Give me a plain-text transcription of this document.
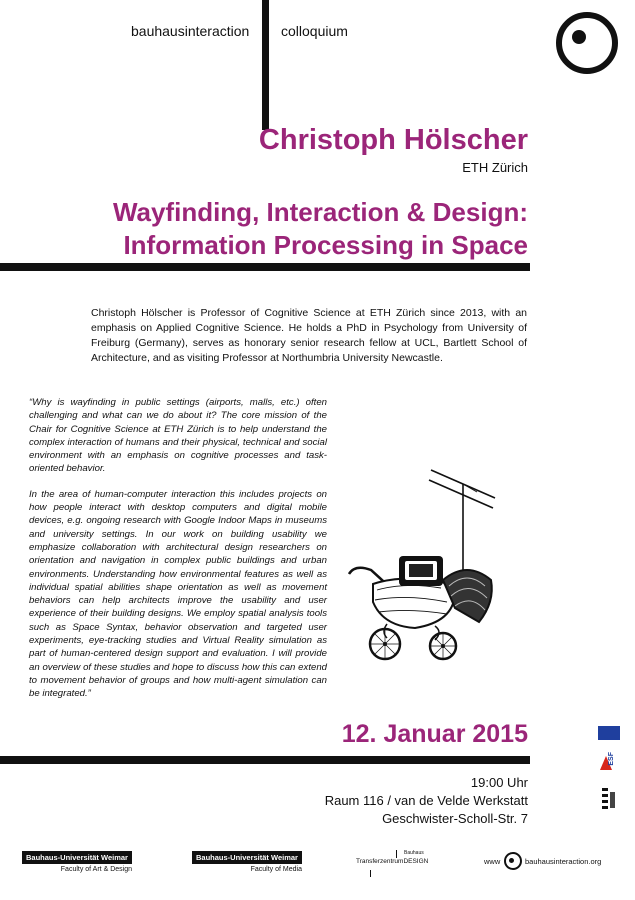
bauhausinteraction colloquium
Christoph Hölscher
ETH Zürich
Wayfinding, Interaction & Design:
Information Processing in Space
Christoph Hölscher is Professor of Cognitive Science at ETH Zürich since 2013, with an emphasis on Applied Cognitive Science. He holds a PhD in Psychology from University of Freiburg (Germany), serves as honorary senior research fellow at UCL, Bartlett School of Architecture, and as visiting Professor at Northumbria University Newcastle.

“Why is wayfinding in public settings (airports, malls, etc.) often challenging and what can we do about it? The core mission of the Chair for Cognitive Science at ETH Zürich is to help understand the complex interaction of humans and their physical, technical and social environment with an emphasis on cognitive processes and task-oriented behavior.

In the area of human-computer interaction this includes projects on how people interact with desktop computers and digital mobile devices, e.g. ongoing research with Google Indoor Maps in museums and university settings. In our work on building usability we emphasize collaboration with architectural design researchers on orientation and navigation in complex public buildings and urban environments. Understanding how environmental features as well as individual spatial abilities shape orientation as well as movement behaviors can help architects improve the usability and user experience of their building designs. We employ spatial analysis tools such as Space Syntax, behavior observation and targeted user experiments, eye-tracking studies and Virtual Reality simulation as part of human-centered design support and evaluation. I will provide an overview of these studies and hope to discuss how this can extend to movement behavior of groups and how multi-agent simulation can be integrated.”

12. Januar 2015
19:00 Uhr
Raum 116 / van de Velde Werkstatt
Geschwister-Scholl-Str. 7
ESF
Bauhaus-Universität Weimar
Faculty of Art & Design
Bauhaus-Universität Weimar
Faculty of Media
Bauhaus
TransferzentrumDESIGN	www	bauhausinteraction.org
